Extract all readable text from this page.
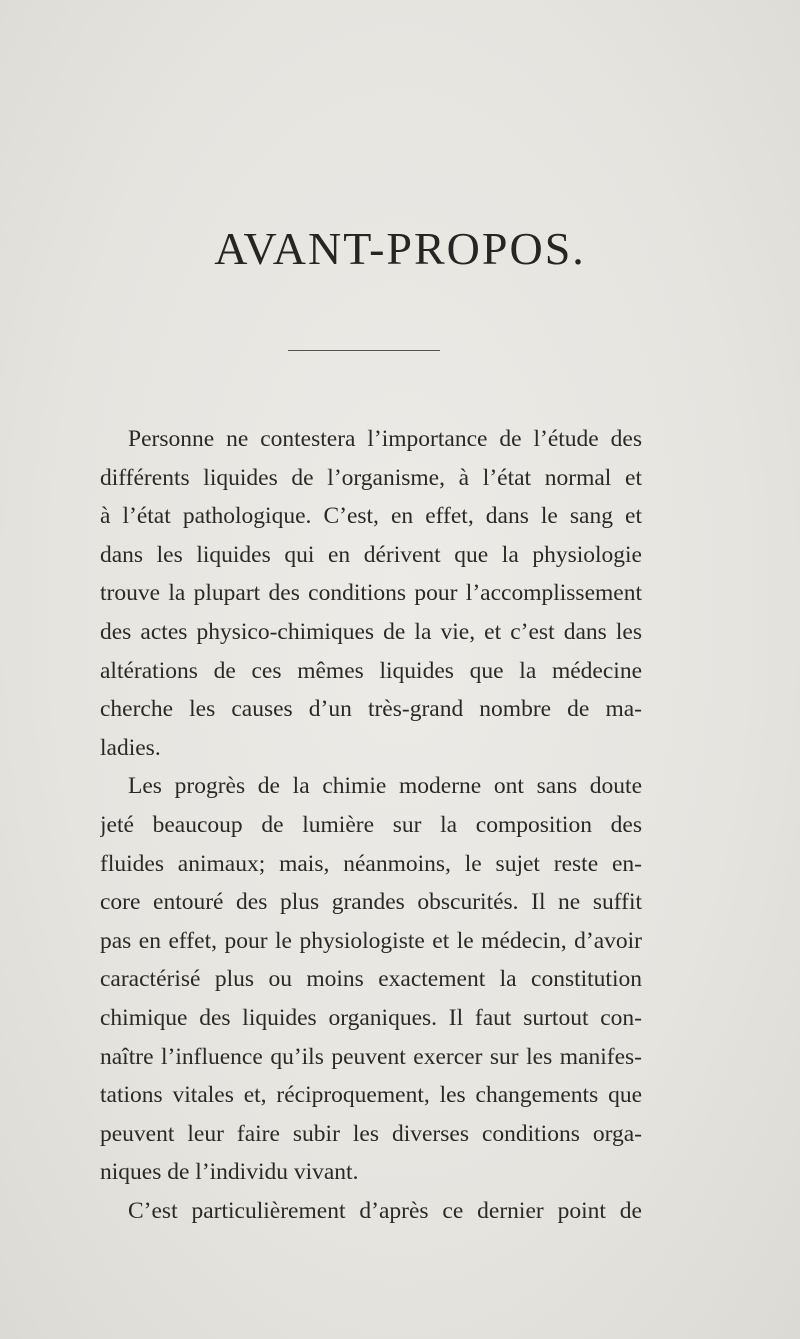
AVANT-PROPOS.
Personne ne contestera l’importance de l’étude des
différents liquides de l’organisme, à l’état normal et
à l’état pathologique. C’est, en effet, dans le sang et
dans les liquides qui en dérivent que la physiologie
trouve la plupart des conditions pour l’accomplissement
des actes physico-chimiques de la vie, et c’est dans les
altérations de ces mêmes liquides que la médecine
cherche les causes d’un très-grand nombre de ma-
ladies.
Les progrès de la chimie moderne ont sans doute
jeté beaucoup de lumière sur la composition des
fluides animaux; mais, néanmoins, le sujet reste en-
core entouré des plus grandes obscurités. Il ne suffit
pas en effet, pour le physiologiste et le médecin, d’avoir
caractérisé plus ou moins exactement la constitution
chimique des liquides organiques. Il faut surtout con-
naître l’influence qu’ils peuvent exercer sur les manifes-
tations vitales et, réciproquement, les changements que
peuvent leur faire subir les diverses conditions orga-
niques de l’individu vivant.
C’est particulièrement d’après ce dernier point de
